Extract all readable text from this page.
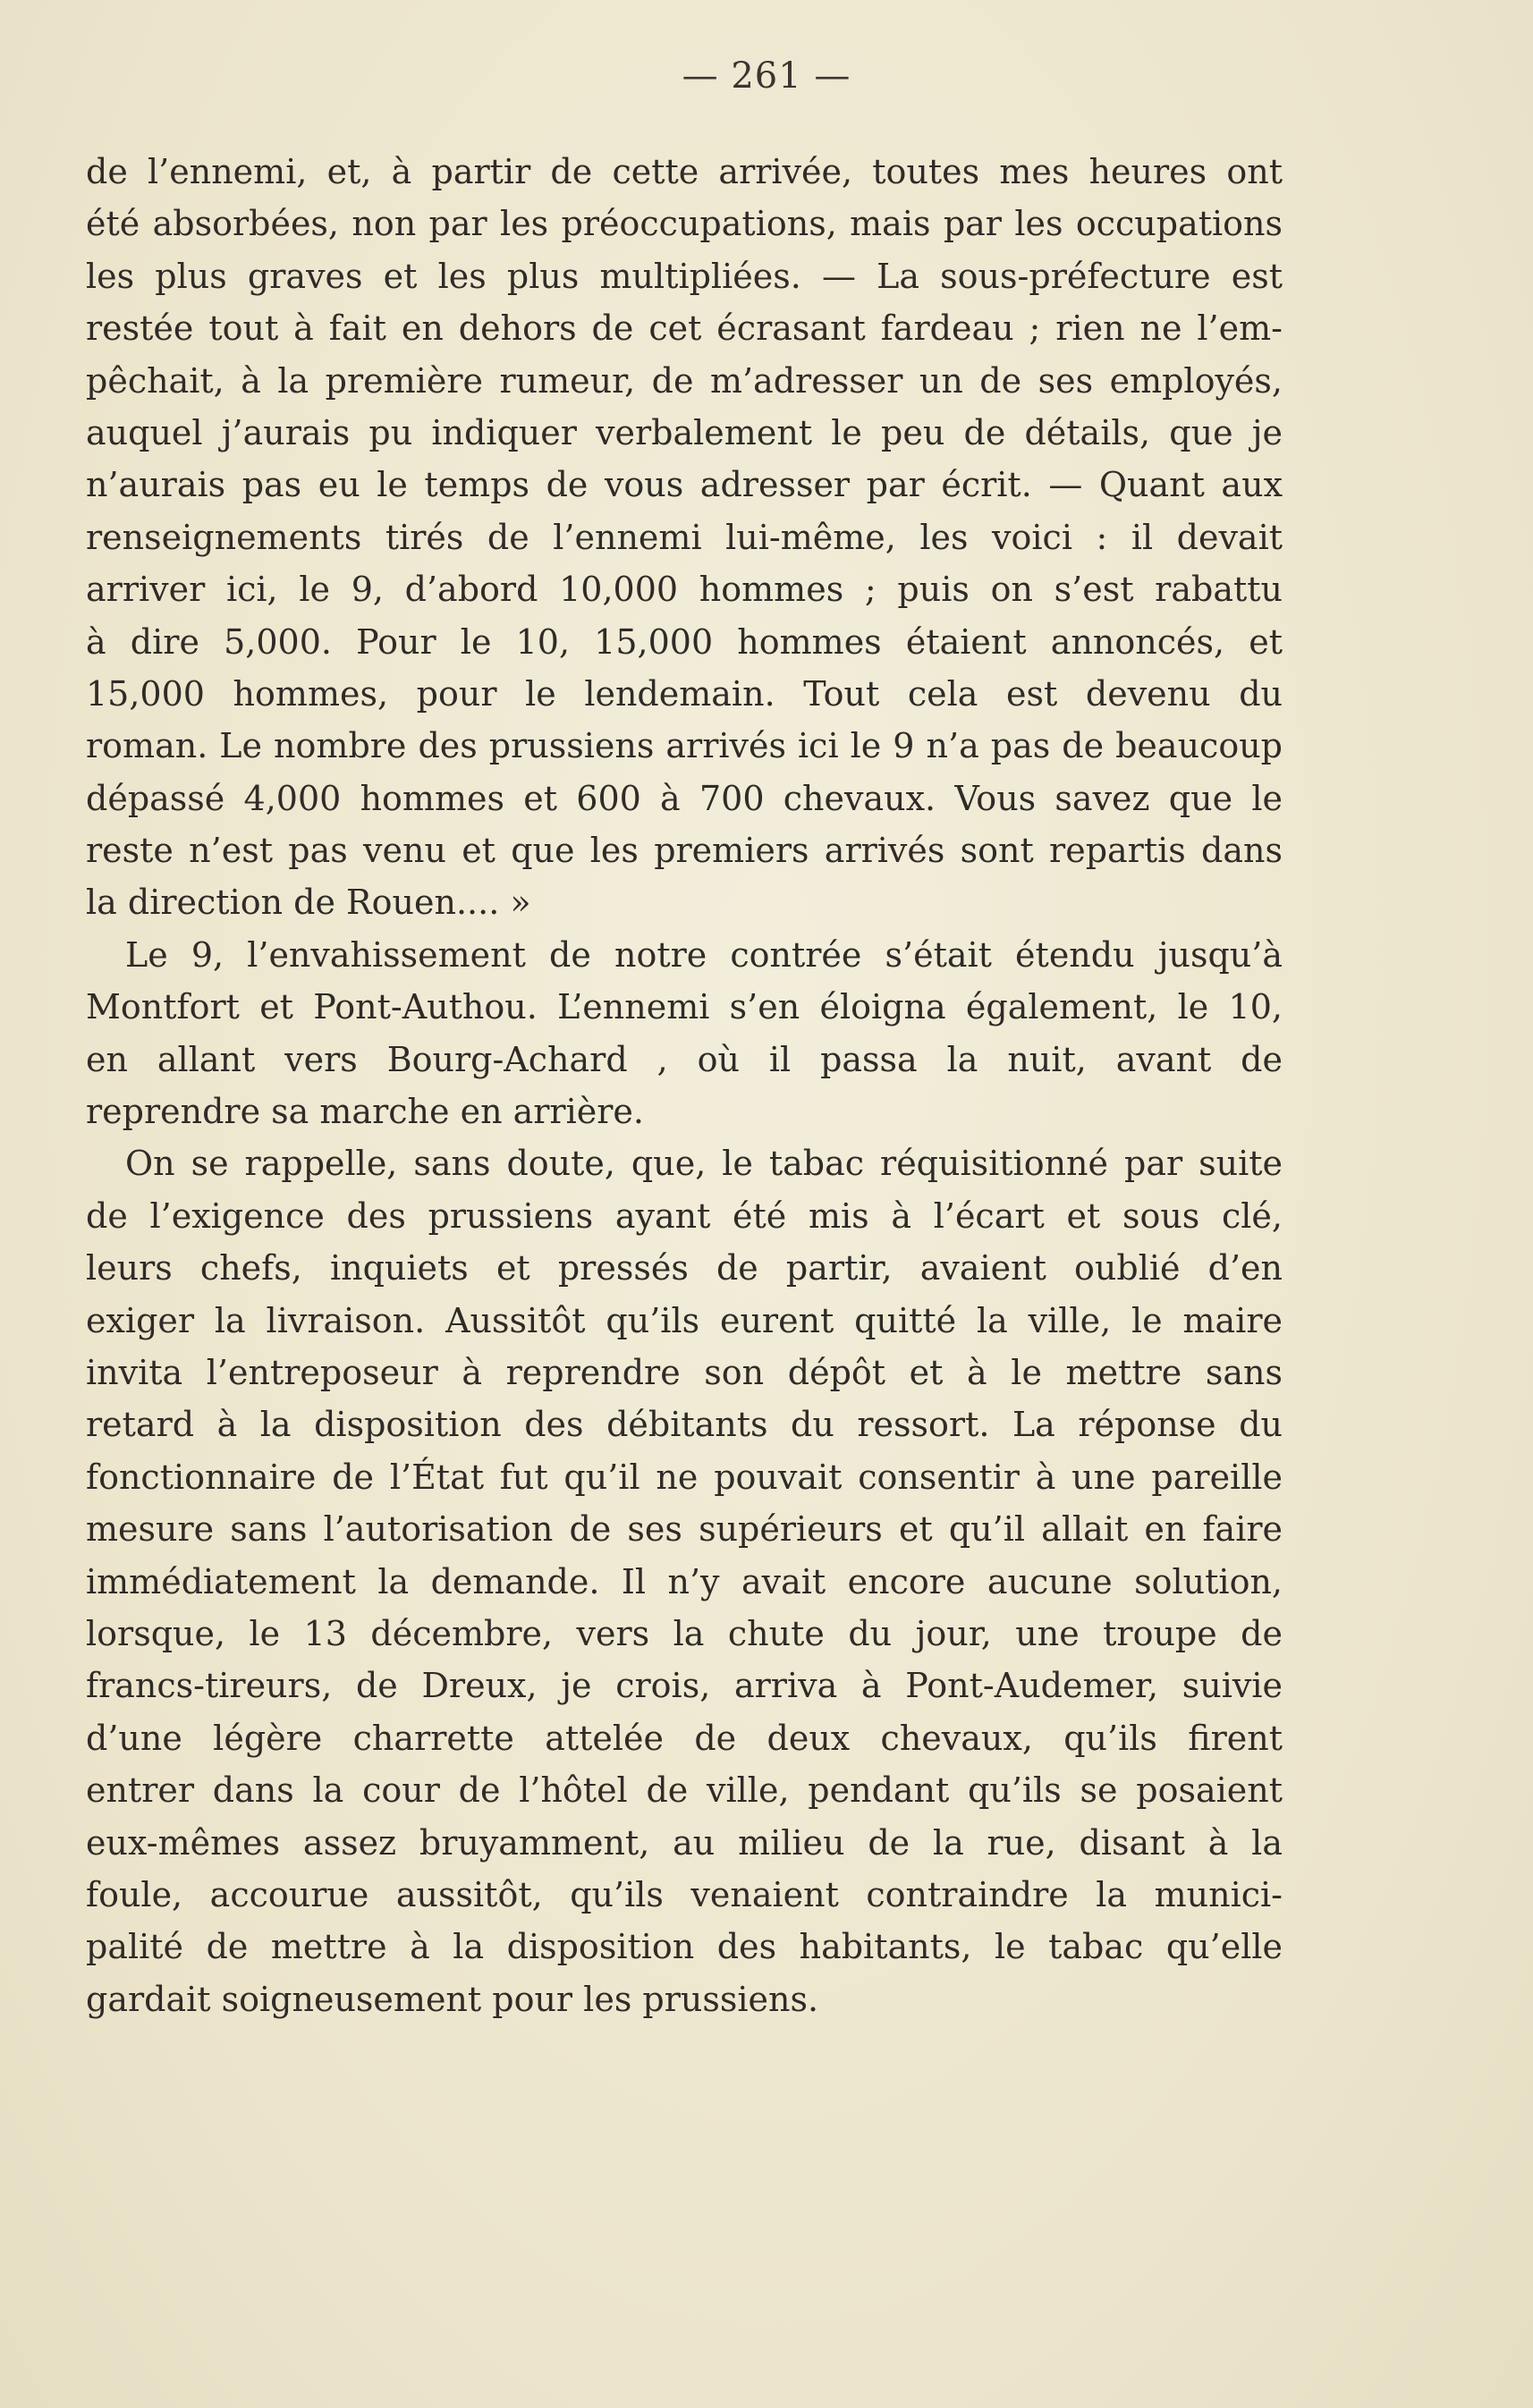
— 261 —
de l’ennemi, et, à partir de cette arrivée, toutes mes heures ont
été absorbées, non par les préoccupations, mais par les occupations
les plus graves et les plus multipliées. — La sous-préfecture est
restée tout à fait en dehors de cet écrasant fardeau ; rien ne l’em-
pêchait, à la première rumeur, de m’adresser un de ses employés,
auquel j’aurais pu indiquer verbalement le peu de détails, que je
n’aurais pas eu le temps de vous adresser par écrit. — Quant aux
renseignements tirés de l’ennemi lui-même, les voici : il devait
arriver ici, le 9, d’abord 10,000 hommes ; puis on s’est rabattu
à dire 5,000. Pour le 10, 15,000 hommes étaient annoncés, et
15,000 hommes, pour le lendemain. Tout cela est devenu du
roman. Le nombre des prussiens arrivés ici le 9 n’a pas de beaucoup
dépassé 4,000 hommes et 600 à 700 chevaux. Vous savez que le
reste n’est pas venu et que les premiers arrivés sont repartis dans
la direction de Rouen.... »
Le 9, l’envahissement de notre contrée s’était étendu jusqu’à
Montfort et Pont-Authou. L’ennemi s’en éloigna également, le 10,
en allant vers Bourg-Achard , où il passa la nuit, avant de
reprendre sa marche en arrière.
On se rappelle, sans doute, que, le tabac réquisitionné par suite
de l’exigence des prussiens ayant été mis à l’écart et sous clé,
leurs chefs, inquiets et pressés de partir, avaient oublié d’en
exiger la livraison. Aussitôt qu’ils eurent quitté la ville, le maire
invita l’entreposeur à reprendre son dépôt et à le mettre sans
retard à la disposition des débitants du ressort. La réponse du
fonctionnaire de l’État fut qu’il ne pouvait consentir à une pareille
mesure sans l’autorisation de ses supérieurs et qu’il allait en faire
immédiatement la demande. Il n’y avait encore aucune solution,
lorsque, le 13 décembre, vers la chute du jour, une troupe de
francs-tireurs, de Dreux, je crois, arriva à Pont-Audemer, suivie
d’une légère charrette attelée de deux chevaux, qu’ils firent
entrer dans la cour de l’hôtel de ville, pendant qu’ils se posaient
eux-mêmes assez bruyamment, au milieu de la rue, disant à la
foule, accourue aussitôt, qu’ils venaient contraindre la munici-
palité de mettre à la disposition des habitants, le tabac qu’elle
gardait soigneusement pour les prussiens.
